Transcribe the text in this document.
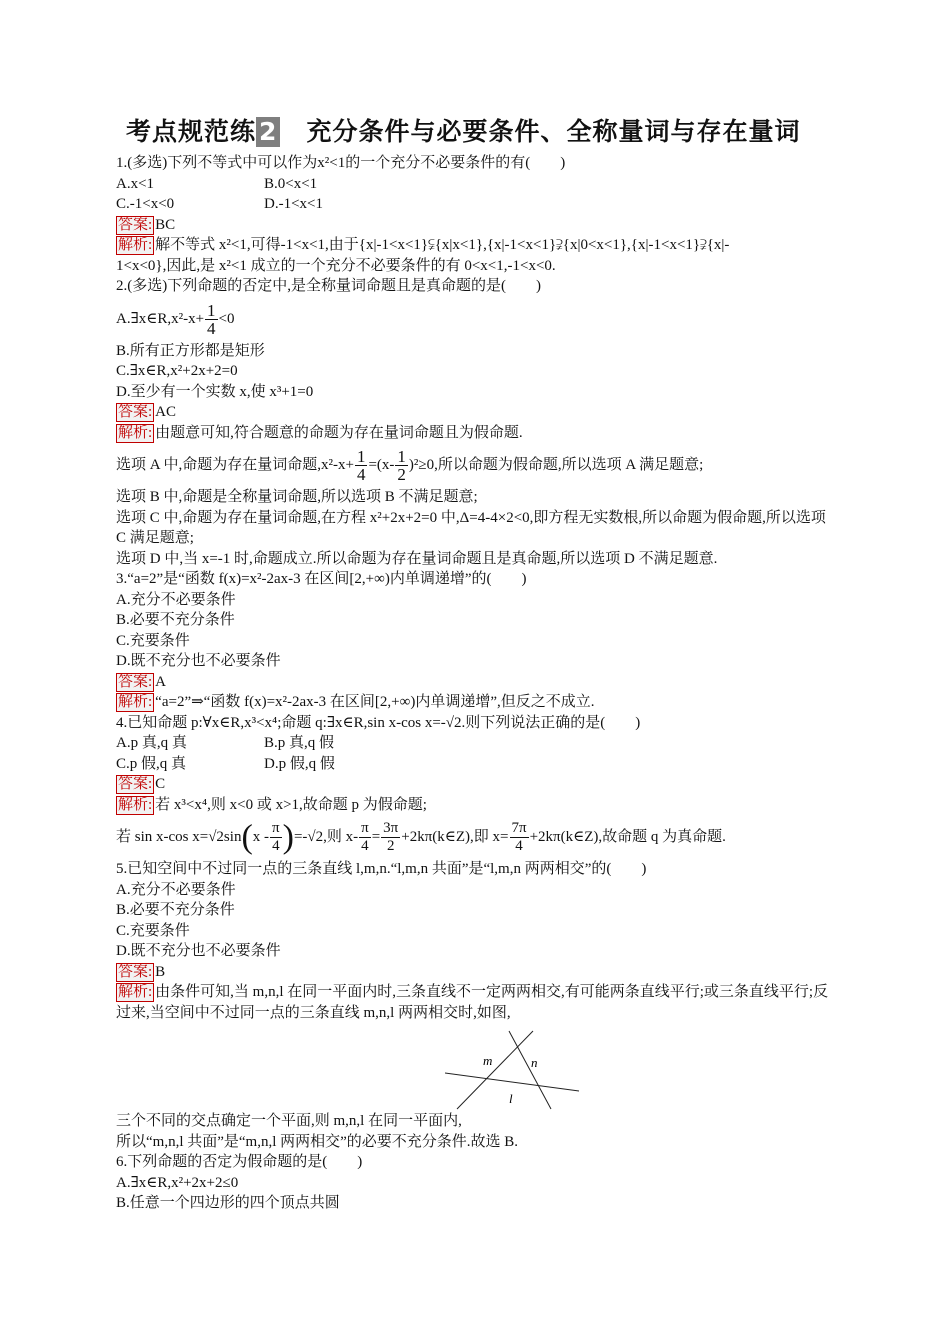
考点规范练 2　 充分条件与必要条件、全称量词与存在量词
1.(多选)下列不等式中可以作为x²<1的一个充分不必要条件的有(　　)
A.x<1	B.0<x<1
C.-1<x<0	D.-1<x<1
答案: BC
解析: 解不等式 x²<1,可得-1<x<1,由于{x|-1<x<1}⫋{x|x<1},{x|-1<x<1}⫌{x|0<x<1},{x|-1<x<1}⫌{x|-
1<x<0},因此,是 x²<1 成立的一个充分不必要条件的有 0<x<1,-1<x<0.
2.(多选)下列命题的否定中,是全称量词命题且是真命题的是(　　)
A.∃x∈R,x²-x+ $\frac{1}{4} <0$
B.所有正方形都是矩形
C.∃x∈R,x²+2x+2=0
D.至少有一个实数 x,使 x³+1=0
答案: AC
解析: 由题意可知,符合题意的命题为存在量词命题且为假命题.
选项 A 中,命题为存在量词命题$,x^2-x+ \frac{1}{4} =(x- \frac{1}{2} )^2\ge 0$,所以命题为假命题,所以选项 A 满足题意;
选项 B 中,命题是全称量词命题,所以选项 B 不满足题意;
选项 C 中,命题为存在量词命题,在方程 x²+2x+2=0 中,Δ=4-4×2<0,即方程无实数根,所以命题为假命题,所以选项 C 满足题意;
选项 D 中,当 x=-1 时,命题成立.所以命题为存在量词命题且是真命题,所以选项 D 不满足题意.
3.“a=2”是“函数 f(x)=x²-2ax-3 在区间[2,+∞)内单调递增”的(　　)
A.充分不必要条件
B.必要不充分条件
C.充要条件
D.既不充分也不必要条件
答案: A
解析: “a=2”⇒“函数 f(x)=x²-2ax-3 在区间[2,+∞)内单调递增”,但反之不成立.
4.已知命题 p:∀x∈R,x³<x⁴;命题 q:∃x∈R,sin x-cos x=-√2.则下列说法正确的是(　　)
A.p 真,q 真	B.p 真,q 假
C.p 假,q 真	D.p 假,q 假
答案: C
解析: 若 x³<x⁴,则 x<0 或 x>1,故命题 p 为假命题;
若 sin x-cos $x=√2\sin(x - \frac{\pi}{4} )=-√2$,则 $x- \frac{\pi}{4} = \frac{3\pi}{2}$ +2kπ(k∈Z),即 $x= \frac{7\pi}{4}$ +2kπ(k∈Z),故命题 q 为真命题.
5.已知空间中不过同一点的三条直线 l,m,n.“l,m,n 共面”是“l,m,n 两两相交”的(　　)
A.充分不必要条件
B.必要不充分条件
C.充要条件
D.既不充分也不必要条件
答案: B
解析: 由条件可知,当 m,n,l 在同一平面内时,三条直线不一定两两相交,有可能两条直线平行;或三条直线平行;反过来,当空间中不过同一点的三条直线 m,n,l 两两相交时,如图,
m	n
l
三个不同的交点确定一个平面,则 m,n,l 在同一平面内,
所以“m,n,l 共面”是“m,n,l 两两相交”的必要不充分条件.故选 B.
6.下列命题的否定为假命题的是(　　)
A.∃x∈R,x²+2x+2≤0
B.任意一个四边形的四个顶点共圆
